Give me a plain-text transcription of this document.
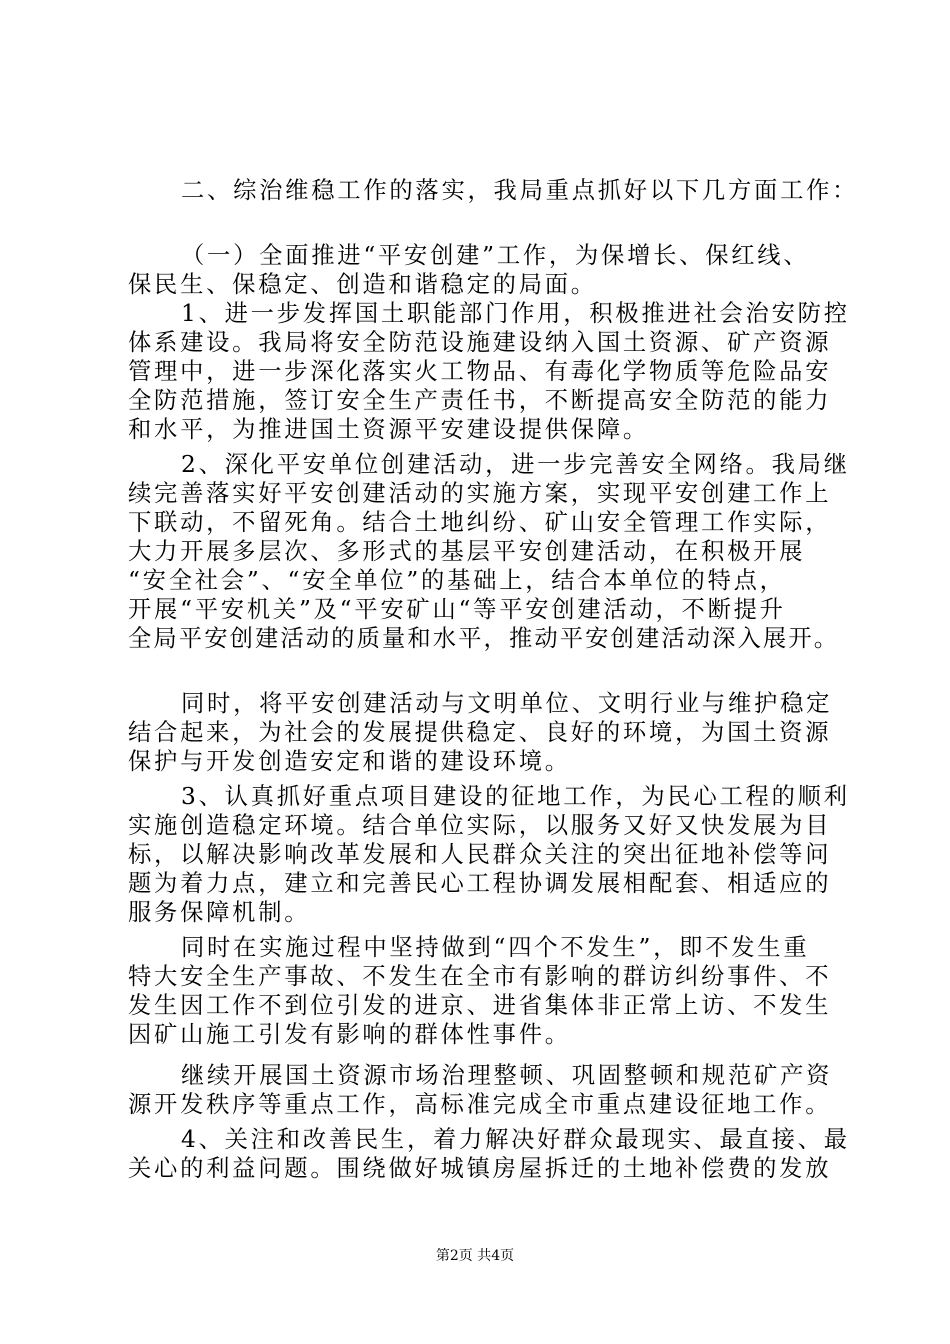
二、综治维稳工作的落实，我局重点抓好以下几方面工作：
（一）全面推进“平安创建”工作，为保增长、保红线、
保民生、保稳定、创造和谐稳定的局面。
1、进一步发挥国土职能部门作用，积极推进社会治安防控
体系建设。我局将安全防范设施建设纳入国土资源、矿产资源
管理中，进一步深化落实火工物品、有毒化学物质等危险品安
全防范措施，签订安全生产责任书，不断提高安全防范的能力
和水平，为推进国土资源平安建设提供保障。
2、深化平安单位创建活动，进一步完善安全网络。我局继
续完善落实好平安创建活动的实施方案，实现平安创建工作上
下联动，不留死角。结合土地纠纷、矿山安全管理工作实际，
大力开展多层次、多形式的基层平安创建活动，在积极开展
“安全社会”、“安全单位”的基础上，结合本单位的特点，
开展“平安机关”及“平安矿山“等平安创建活动，不断提升
全局平安创建活动的质量和水平，推动平安创建活动深入展开。
同时，将平安创建活动与文明单位、文明行业与维护稳定
结合起来，为社会的发展提供稳定、良好的环境，为国土资源
保护与开发创造安定和谐的建设环境。
3、认真抓好重点项目建设的征地工作，为民心工程的顺利
实施创造稳定环境。结合单位实际，以服务又好又快发展为目
标，以解决影响改革发展和人民群众关注的突出征地补偿等问
题为着力点，建立和完善民心工程协调发展相配套、相适应的
服务保障机制。
同时在实施过程中坚持做到“四个不发生”，即不发生重
特大安全生产事故、不发生在全市有影响的群访纠纷事件、不
发生因工作不到位引发的进京、进省集体非正常上访、不发生
因矿山施工引发有影响的群体性事件。
继续开展国土资源市场治理整顿、巩固整顿和规范矿产资
源开发秩序等重点工作，高标准完成全市重点建设征地工作。
4、关注和改善民生，着力解决好群众最现实、最直接、最
关心的利益问题。围绕做好城镇房屋拆迁的土地补偿费的发放
第2页 共4页
